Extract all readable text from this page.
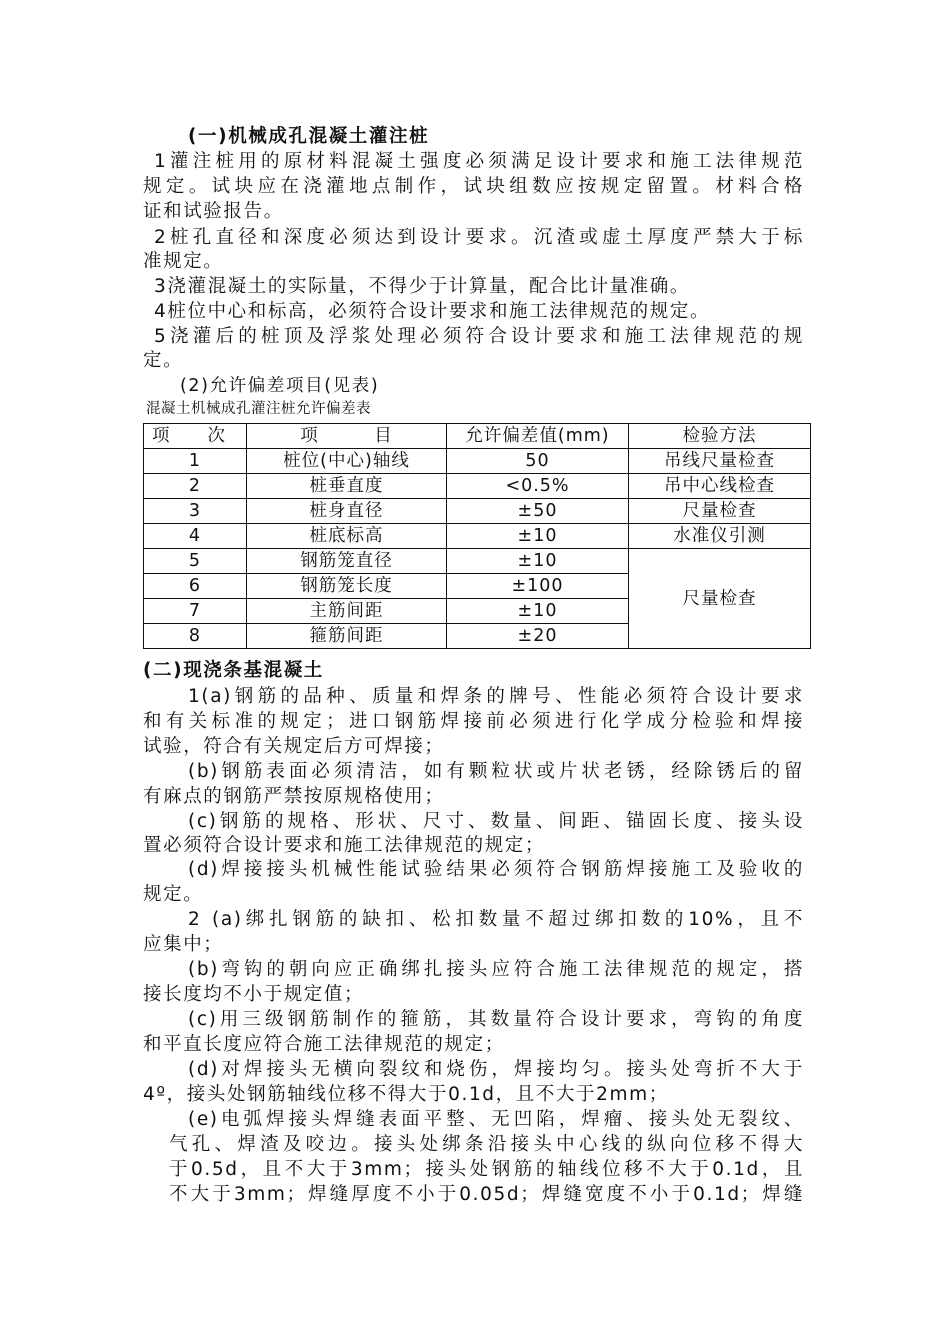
(一)机械成孔混凝土灌注桩
1灌注桩用的原材料混凝土强度必须满足设计要求和施工法律规范
规定。试块应在浇灌地点制作，试块组数应按规定留置。材料合格
证和试验报告。
2桩孔直径和深度必须达到设计要求。沉渣或虚土厚度严禁大于标
准规定。
3浇灌混凝土的实际量，不得少于计算量，配合比计量准确。
4桩位中心和标高，必须符合设计要求和施工法律规范的规定。
5浇灌后的桩顶及浮浆处理必须符合设计要求和施工法律规范的规
定。
(2)允许偏差项目(见表)
混凝土机械成孔灌注桩允许偏差表
项　　次	项　　　目	允许偏差值(mm)	检验方法
1	桩位(中心)轴线	50	吊线尺量检查
2	桩垂直度	<0.5%	吊中心线检查
3	桩身直径	±50	尺量检查
4	桩底标高	±10	水准仪引测
5	钢筋笼直径	±10	尺量检查
6	钢筋笼长度	±100	
7	主筋间距	±10	
8	箍筋间距	±20	
(二)现浇条基混凝土
1(a)钢筋的品种、质量和焊条的牌号、性能必须符合设计要求
和有关标准的规定；进口钢筋焊接前必须进行化学成分检验和焊接
试验，符合有关规定后方可焊接；
(b)钢筋表面必须清洁，如有颗粒状或片状老锈，经除锈后的留
有麻点的钢筋严禁按原规格使用；
(c)钢筋的规格、形状、尺寸、数量、间距、锚固长度、接头设
置必须符合设计要求和施工法律规范的规定；
(d)焊接接头机械性能试验结果必须符合钢筋焊接施工及验收的
规定。
2 (a)绑扎钢筋的缺扣、松扣数量不超过绑扣数的10%，且不
应集中；
(b)弯钩的朝向应正确绑扎接头应符合施工法律规范的规定，搭
接长度均不小于规定值；
(c)用三级钢筋制作的箍筋，其数量符合设计要求，弯钩的角度
和平直长度应符合施工法律规范的规定；
(d)对焊接头无横向裂纹和烧伤，焊接均匀。接头处弯折不大于
4º，接头处钢筋轴线位移不得大于0.1d，且不大于2mm；
(e)电弧焊接头焊缝表面平整、无凹陷，焊瘤、接头处无裂纹、
气孔、焊渣及咬边。接头处绑条沿接头中心线的纵向位移不得大
于0.5d，且不大于3mm；接头处钢筋的轴线位移不大于0.1d，且
不大于3mm；焊缝厚度不小于0.05d；焊缝宽度不小于0.1d；焊缝
